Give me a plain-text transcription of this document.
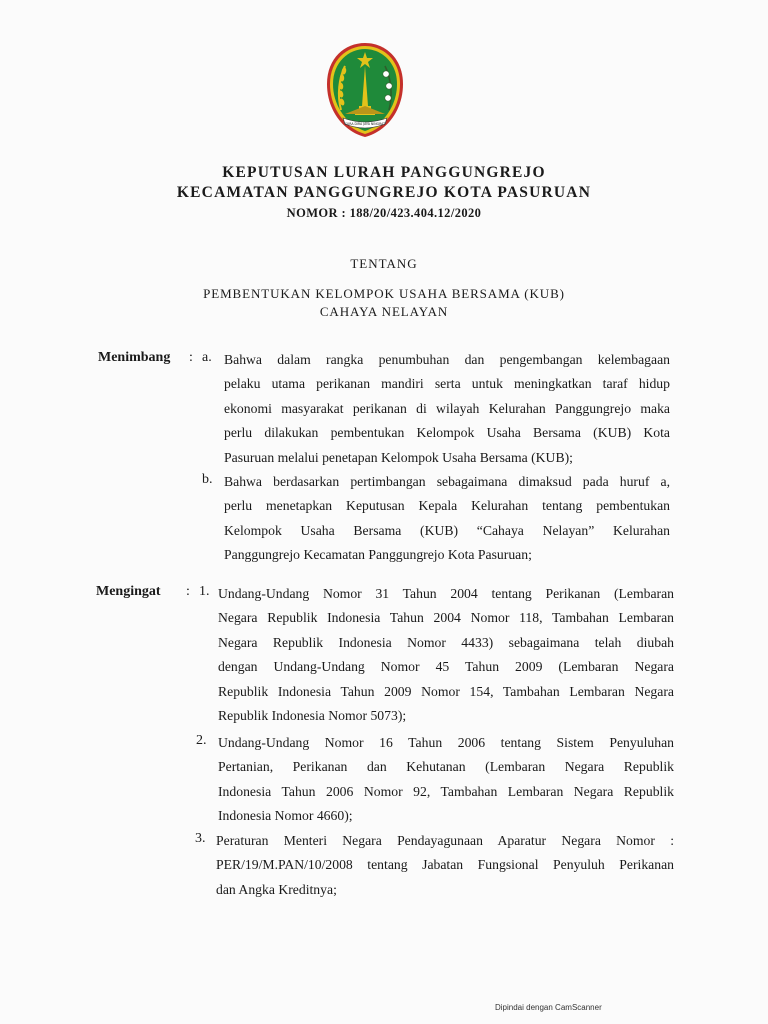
SURA DIRA JAYA NINGRAT
KEPUTUSAN LURAH PANGGUNGREJO
KECAMATAN PANGGUNGREJO KOTA PASURUAN
NOMOR : 188/20/423.404.12/2020
TENTANG
PEMBENTUKAN KELOMPOK USAHA BERSAMA (KUB)
CAHAYA NELAYAN
Menimbang : a. Bahwa dalam rangka penumbuhan dan pengembangan kelembagaan
pelaku utama perikanan mandiri serta untuk meningkatkan taraf hidup
ekonomi masyarakat perikanan di wilayah Kelurahan Panggungrejo maka
perlu dilakukan pembentukan Kelompok Usaha Bersama (KUB) Kota
Pasuruan melalui penetapan Kelompok Usaha Bersama (KUB);
b. Bahwa berdasarkan pertimbangan sebagaimana dimaksud pada huruf a,
perlu menetapkan Keputusan Kepala Kelurahan tentang pembentukan
Kelompok Usaha Bersama (KUB) “Cahaya Nelayan” Kelurahan
Panggungrejo Kecamatan Panggungrejo Kota Pasuruan;
Mengingat : 1. Undang-Undang Nomor 31 Tahun 2004 tentang Perikanan (Lembaran
Negara Republik Indonesia Tahun 2004 Nomor 118, Tambahan Lembaran
Negara Republik Indonesia Nomor 4433) sebagaimana telah diubah
dengan Undang-Undang Nomor 45 Tahun 2009 (Lembaran Negara
Republik Indonesia Tahun 2009 Nomor 154, Tambahan Lembaran Negara
Republik Indonesia Nomor 5073);
2. Undang-Undang Nomor 16 Tahun 2006 tentang Sistem Penyuluhan
Pertanian, Perikanan dan Kehutanan (Lembaran Negara Republik
Indonesia Tahun 2006 Nomor 92, Tambahan Lembaran Negara Republik
Indonesia Nomor 4660);
3. Peraturan Menteri Negara Pendayagunaan Aparatur Negara Nomor :
PER/19/M.PAN/10/2008 tentang Jabatan Fungsional Penyuluh Perikanan
dan Angka Kreditnya;
Dipindai dengan CamScanner
